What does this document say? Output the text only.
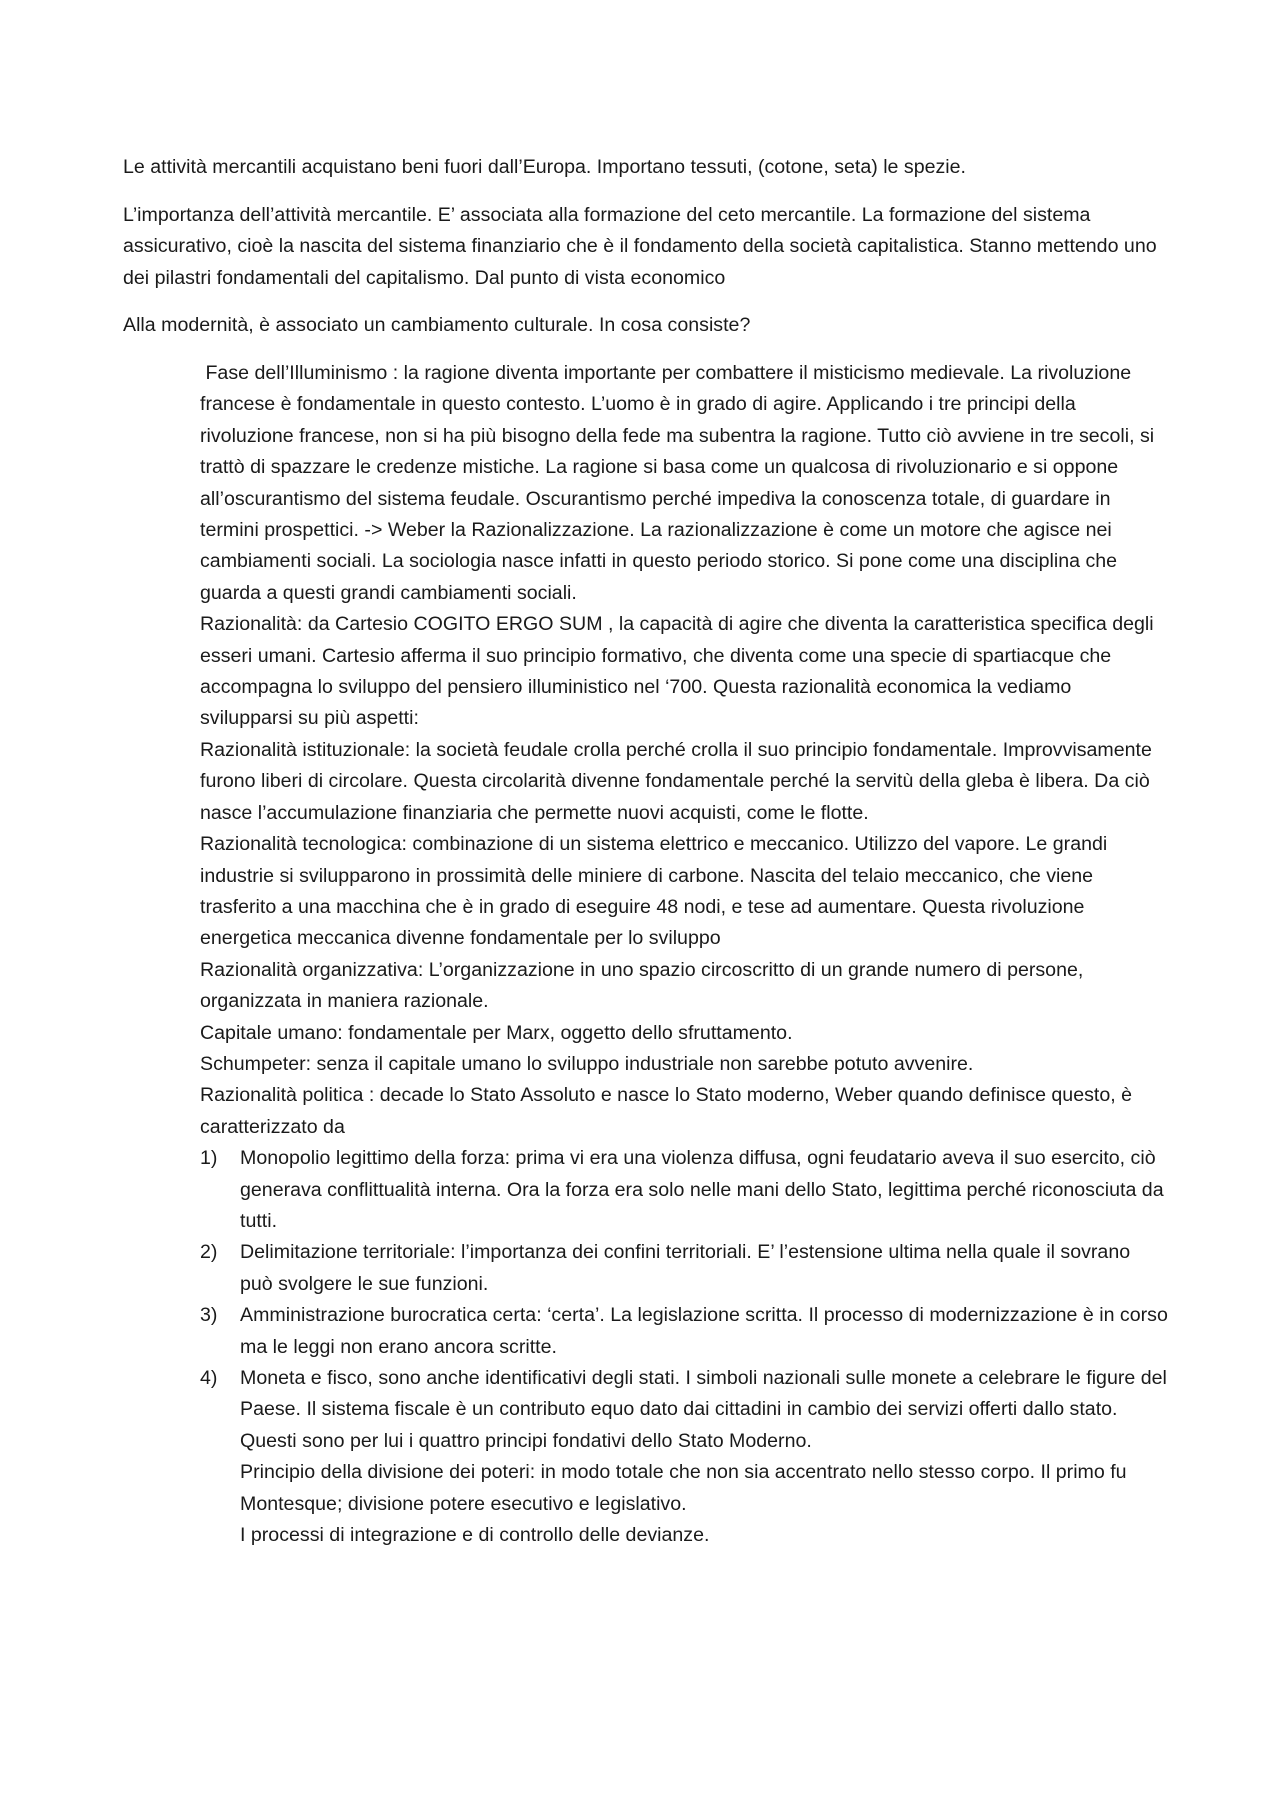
Le attività mercantili acquistano beni fuori dall’Europa. Importano tessuti, (cotone, seta) le spezie.

L’importanza dell’attività mercantile. E’ associata alla formazione del ceto mercantile. La formazione del sistema assicurativo, cioè la nascita del sistema finanziario che è il fondamento della società capitalistica. Stanno mettendo uno dei pilastri fondamentali del capitalismo. Dal punto di vista economico

Alla modernità, è associato un cambiamento culturale. In cosa consiste?

Fase dell’Illuminismo : la ragione diventa importante per combattere il misticismo medievale. La rivoluzione francese è fondamentale in questo contesto. L’uomo è in grado di agire. Applicando i tre principi della rivoluzione francese, non si ha più bisogno della fede ma subentra la ragione. Tutto ciò avviene in tre secoli, si trattò di spazzare le credenze mistiche. La ragione si basa come un qualcosa di rivoluzionario e si oppone all’oscurantismo del sistema feudale. Oscurantismo perché impediva la conoscenza totale, di guardare in termini prospettici. -> Weber la Razionalizzazione. La razionalizzazione è come un motore che agisce nei cambiamenti sociali. La sociologia nasce infatti in questo periodo storico. Si pone come una disciplina che guarda a questi grandi cambiamenti sociali.

Razionalità: da Cartesio COGITO ERGO SUM , la capacità di agire che diventa la caratteristica specifica degli esseri umani. Cartesio afferma il suo principio formativo, che diventa come una specie di spartiacque che accompagna lo sviluppo del pensiero illuministico nel ‘700. Questa razionalità economica la vediamo svilupparsi su più aspetti:

Razionalità istituzionale: la società feudale crolla perché crolla il suo principio fondamentale. Improvvisamente furono liberi di circolare. Questa circolarità divenne fondamentale perché la servitù della gleba è libera. Da ciò nasce l’accumulazione finanziaria che permette nuovi acquisti, come le flotte.

Razionalità tecnologica: combinazione di un sistema elettrico e meccanico. Utilizzo del vapore. Le grandi industrie si svilupparono in prossimità delle miniere di carbone. Nascita del telaio meccanico, che viene trasferito a una macchina che è in grado di eseguire 48 nodi, e tese ad aumentare. Questa rivoluzione energetica meccanica divenne fondamentale per lo sviluppo

Razionalità organizzativa: L’organizzazione in uno spazio circoscritto di un grande numero di persone, organizzata in maniera razionale.

Capitale umano: fondamentale per Marx, oggetto dello sfruttamento.

Schumpeter: senza il capitale umano lo sviluppo industriale non sarebbe potuto avvenire.

Razionalità politica : decade lo Stato Assoluto e nasce lo Stato moderno, Weber quando definisce questo, è caratterizzato da

1) Monopolio legittimo della forza: prima vi era una violenza diffusa, ogni feudatario aveva il suo esercito, ciò generava conflittualità interna. Ora la forza era solo nelle mani dello Stato, legittima perché riconosciuta da tutti.
2) Delimitazione territoriale: l’importanza dei confini territoriali. E’ l’estensione ultima nella quale il sovrano può svolgere le sue funzioni.
3) Amministrazione burocratica certa: ‘certa’. La legislazione scritta. Il processo di modernizzazione è in corso ma le leggi non erano ancora scritte.
4) Moneta e fisco, sono anche identificativi degli stati. I simboli nazionali sulle monete a celebrare le figure del Paese. Il sistema fiscale è un contributo equo dato dai cittadini in cambio dei servizi offerti dallo stato.

Questi sono per lui i quattro principi fondativi dello Stato Moderno.

Principio della divisione dei poteri: in modo totale che non sia accentrato nello stesso corpo. Il primo fu Montesque; divisione potere esecutivo e legislativo.

I processi di integrazione e di controllo delle devianze.
